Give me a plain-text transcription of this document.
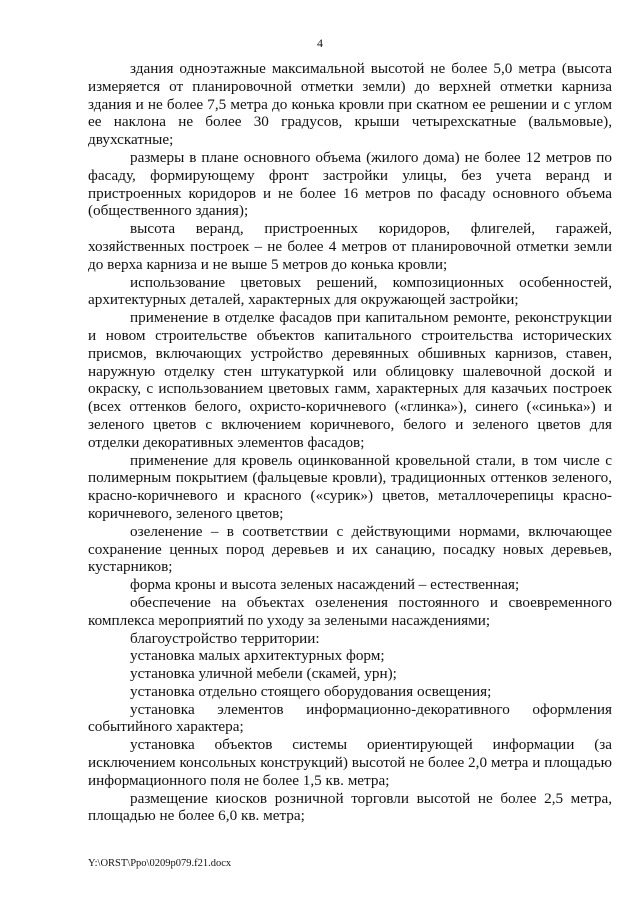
4

здания одноэтажные максимальной высотой не более 5,0 метра (высота измеряется от планировочной отметки земли) до верхней отметки карниза здания и не более 7,5 метра до конька кровли при скатном ее решении и с углом ее наклона не более 30 градусов, крыши четырехскатные (вальмовые), двухскатные;

размеры в плане основного объема (жилого дома) не более 12 метров по фасаду, формирующему фронт застройки улицы, без учета веранд и пристроенных коридоров и не более 16 метров по фасаду основного объема (общественного здания);

высота веранд, пристроенных коридоров, флигелей, гаражей, хозяйственных построек – не более 4 метров от планировочной отметки земли до верха карниза и не выше 5 метров до конька кровли;

использование цветовых решений, композиционных особенностей, архитектурных деталей, характерных для окружающей застройки;

применение в отделке фасадов при капитальном ремонте, реконструкции и новом строительстве объектов капитального строительства исторических присмов, включающих устройство деревянных обшивных карнизов, ставен, наружную отделку стен штукатуркой или облицовку шалевочной доской и окраску, с использованием цветовых гамм, характерных для казачьих построек (всех оттенков белого, охристо-коричневого («глинка»), синего («синька») и зеленого цветов с включением коричневого, белого и зеленого цветов для отделки декоративных элементов фасадов;

применение для кровель оцинкованной кровельной стали, в том числе с полимерным покрытием (фальцевые кровли), традиционных оттенков зеленого, красно-коричневого и красного («сурик») цветов, металлочерепицы красно-коричневого, зеленого цветов;

озеленение – в соответствии с действующими нормами, включающее сохранение ценных пород деревьев и их санацию, посадку новых деревьев, кустарников;

форма кроны и высота зеленых насаждений – естественная;

обеспечение на объектах озеленения постоянного и своевременного комплекса мероприятий по уходу за зелеными насаждениями;

благоустройство территории:

установка малых архитектурных форм;

установка уличной мебели (скамей, урн);

установка отдельно стоящего оборудования освещения;

установка элементов информационно-декоративного оформления событийного характера;

установка объектов системы ориентирующей информации (за исключением консольных конструкций) высотой не более 2,0 метра и площадью информационного поля не более 1,5 кв. метра;

размещение киосков розничной торговли высотой не более 2,5 метра, площадью не более 6,0 кв. метра;

Y:\ORST\Ppo\0209p079.f21.docx
